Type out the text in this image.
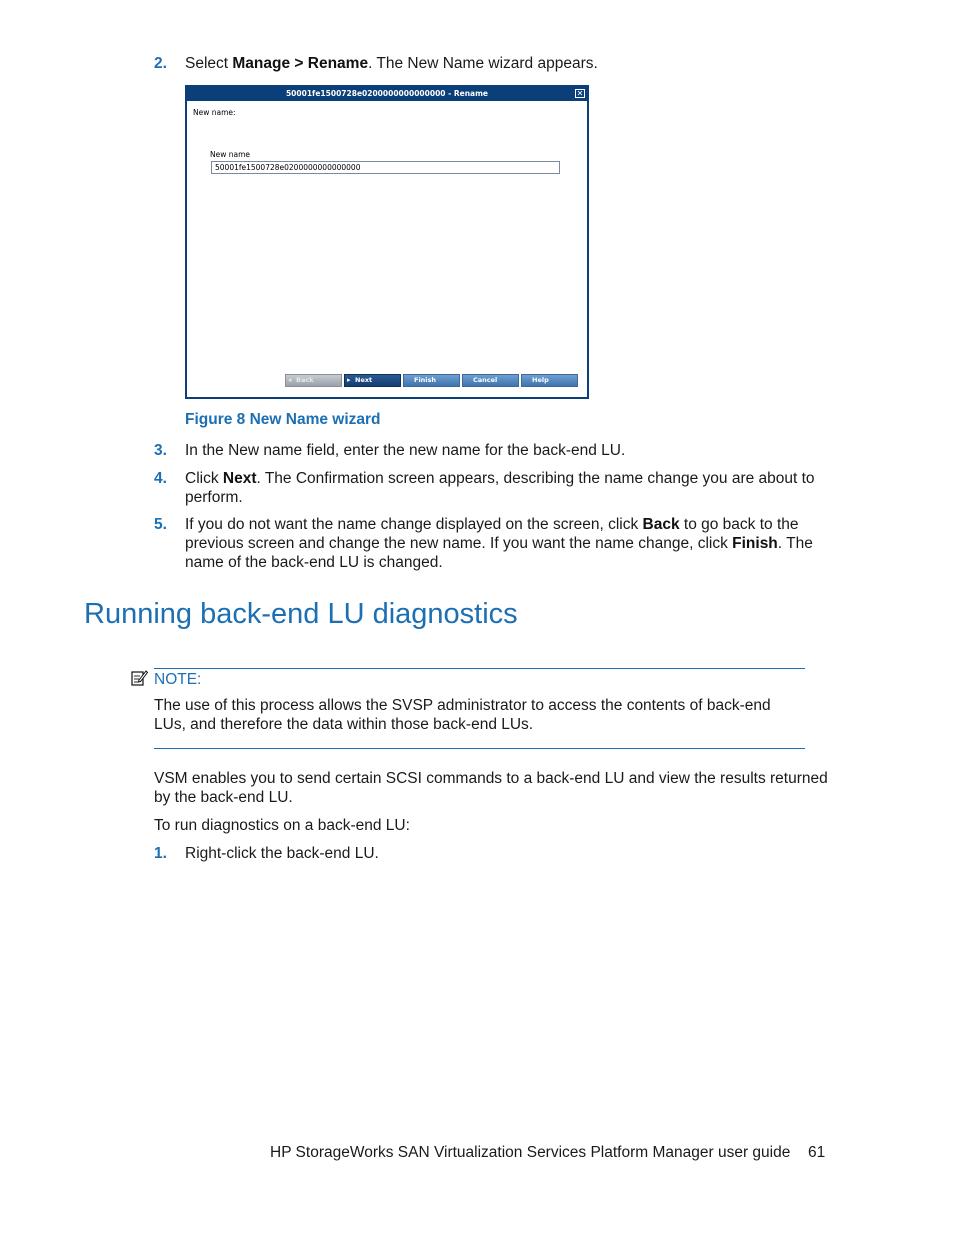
2. Select Manage > Rename. The New Name wizard appears.
50001fe1500728e0200000000000000 - Rename	✕
New name:
New name
50001fe1500728e0200000000000000
◂ Back	▸ Next	Finish	Cancel	Help
Figure 8 New Name wizard
3. In the New name field, enter the new name for the back-end LU.
4. Click Next. The Confirmation screen appears, describing the name change you are about to perform.
5. If you do not want the name change displayed on the screen, click Back to go back to the previous screen and change the new name. If you want the name change, click Finish. The name of the back-end LU is changed.
Running back-end LU diagnostics
NOTE:
The use of this process allows the SVSP administrator to access the contents of back-end LUs, and therefore the data within those back-end LUs.
VSM enables you to send certain SCSI commands to a back-end LU and view the results returned by the back-end LU.
To run diagnostics on a back-end LU:
1. Right-click the back-end LU.
HP StorageWorks SAN Virtualization Services Platform Manager user guide 61
